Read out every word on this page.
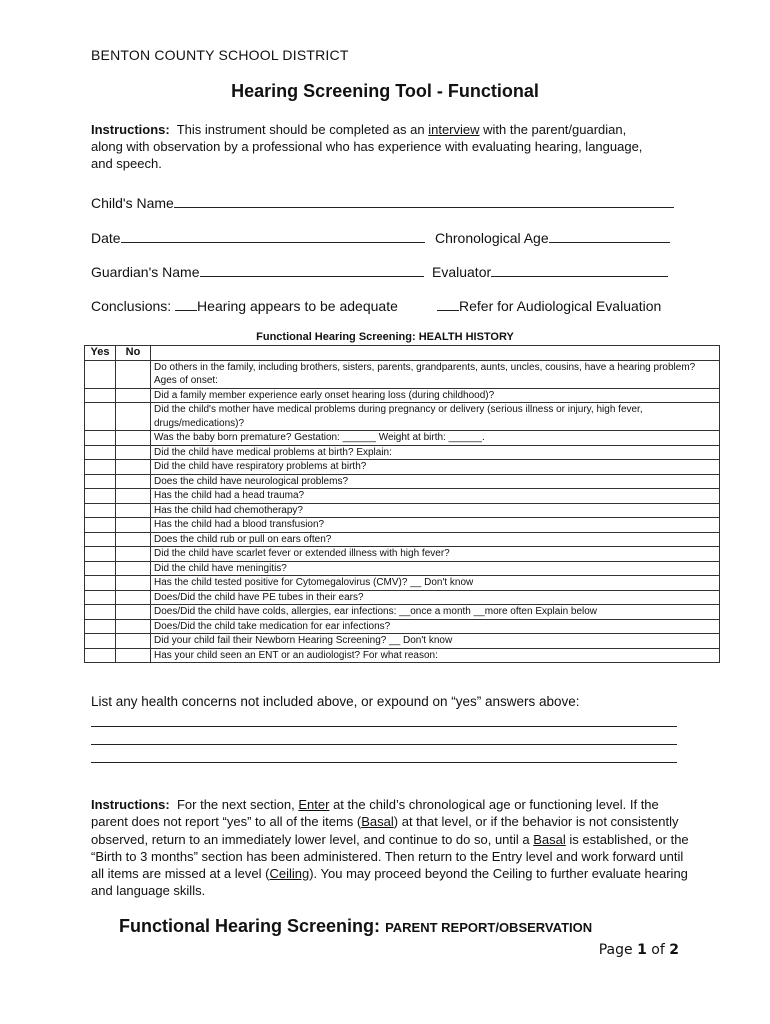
BENTON COUNTY SCHOOL DISTRICT
Hearing Screening Tool - Functional
Instructions: This instrument should be completed as an interview with the parent/guardian, along with observation by a professional who has experience with evaluating hearing, language, and speech.
Child's Name
Date	Chronological Age
Guardian's Name	Evaluator
Conclusions: Hearing appears to be adequate	Refer for Audiological Evaluation
Functional Hearing Screening: HEALTH HISTORY
Yes	No	
		Do others in the family, including brothers, sisters, parents, grandparents, aunts, uncles, cousins, have a hearing problem? Ages of onset:
		Did a family member experience early onset hearing loss (during childhood)?
		Did the child's mother have medical problems during pregnancy or delivery (serious illness or injury, high fever, drugs/medications)?
		Was the baby born premature? Gestation: ______ Weight at birth: ______.
		Did the child have medical problems at birth? Explain:
		Did the child have respiratory problems at birth?
		Does the child have neurological problems?
		Has the child had a head trauma?
		Has the child had chemotherapy?
		Has the child had a blood transfusion?
		Does the child rub or pull on ears often?
		Did the child have scarlet fever or extended illness with high fever?
		Did the child have meningitis?
		Has the child tested positive for Cytomegalovirus (CMV)? __ Don't know
		Does/Did the child have PE tubes in their ears?
		Does/Did the child have colds, allergies, ear infections: __once a month __more often Explain below
		Does/Did the child take medication for ear infections?
		Did your child fail their Newborn Hearing Screening? __ Don't know
		Has your child seen an ENT or an audiologist? For what reason:
List any health concerns not included above, or expound on “yes” answers above:
Instructions: For the next section, Enter at the child’s chronological age or functioning level. If the parent does not report “yes” to all of the items (Basal) at that level, or if the behavior is not consistently observed, return to an immediately lower level, and continue to do so, until a Basal is established, or the “Birth to 3 months” section has been administered. Then return to the Entry level and work forward until all items are missed at a level (Ceiling). You may proceed beyond the Ceiling to further evaluate hearing and language skills.
Functional Hearing Screening: PARENT REPORT/OBSERVATION
Page 1 of 2
